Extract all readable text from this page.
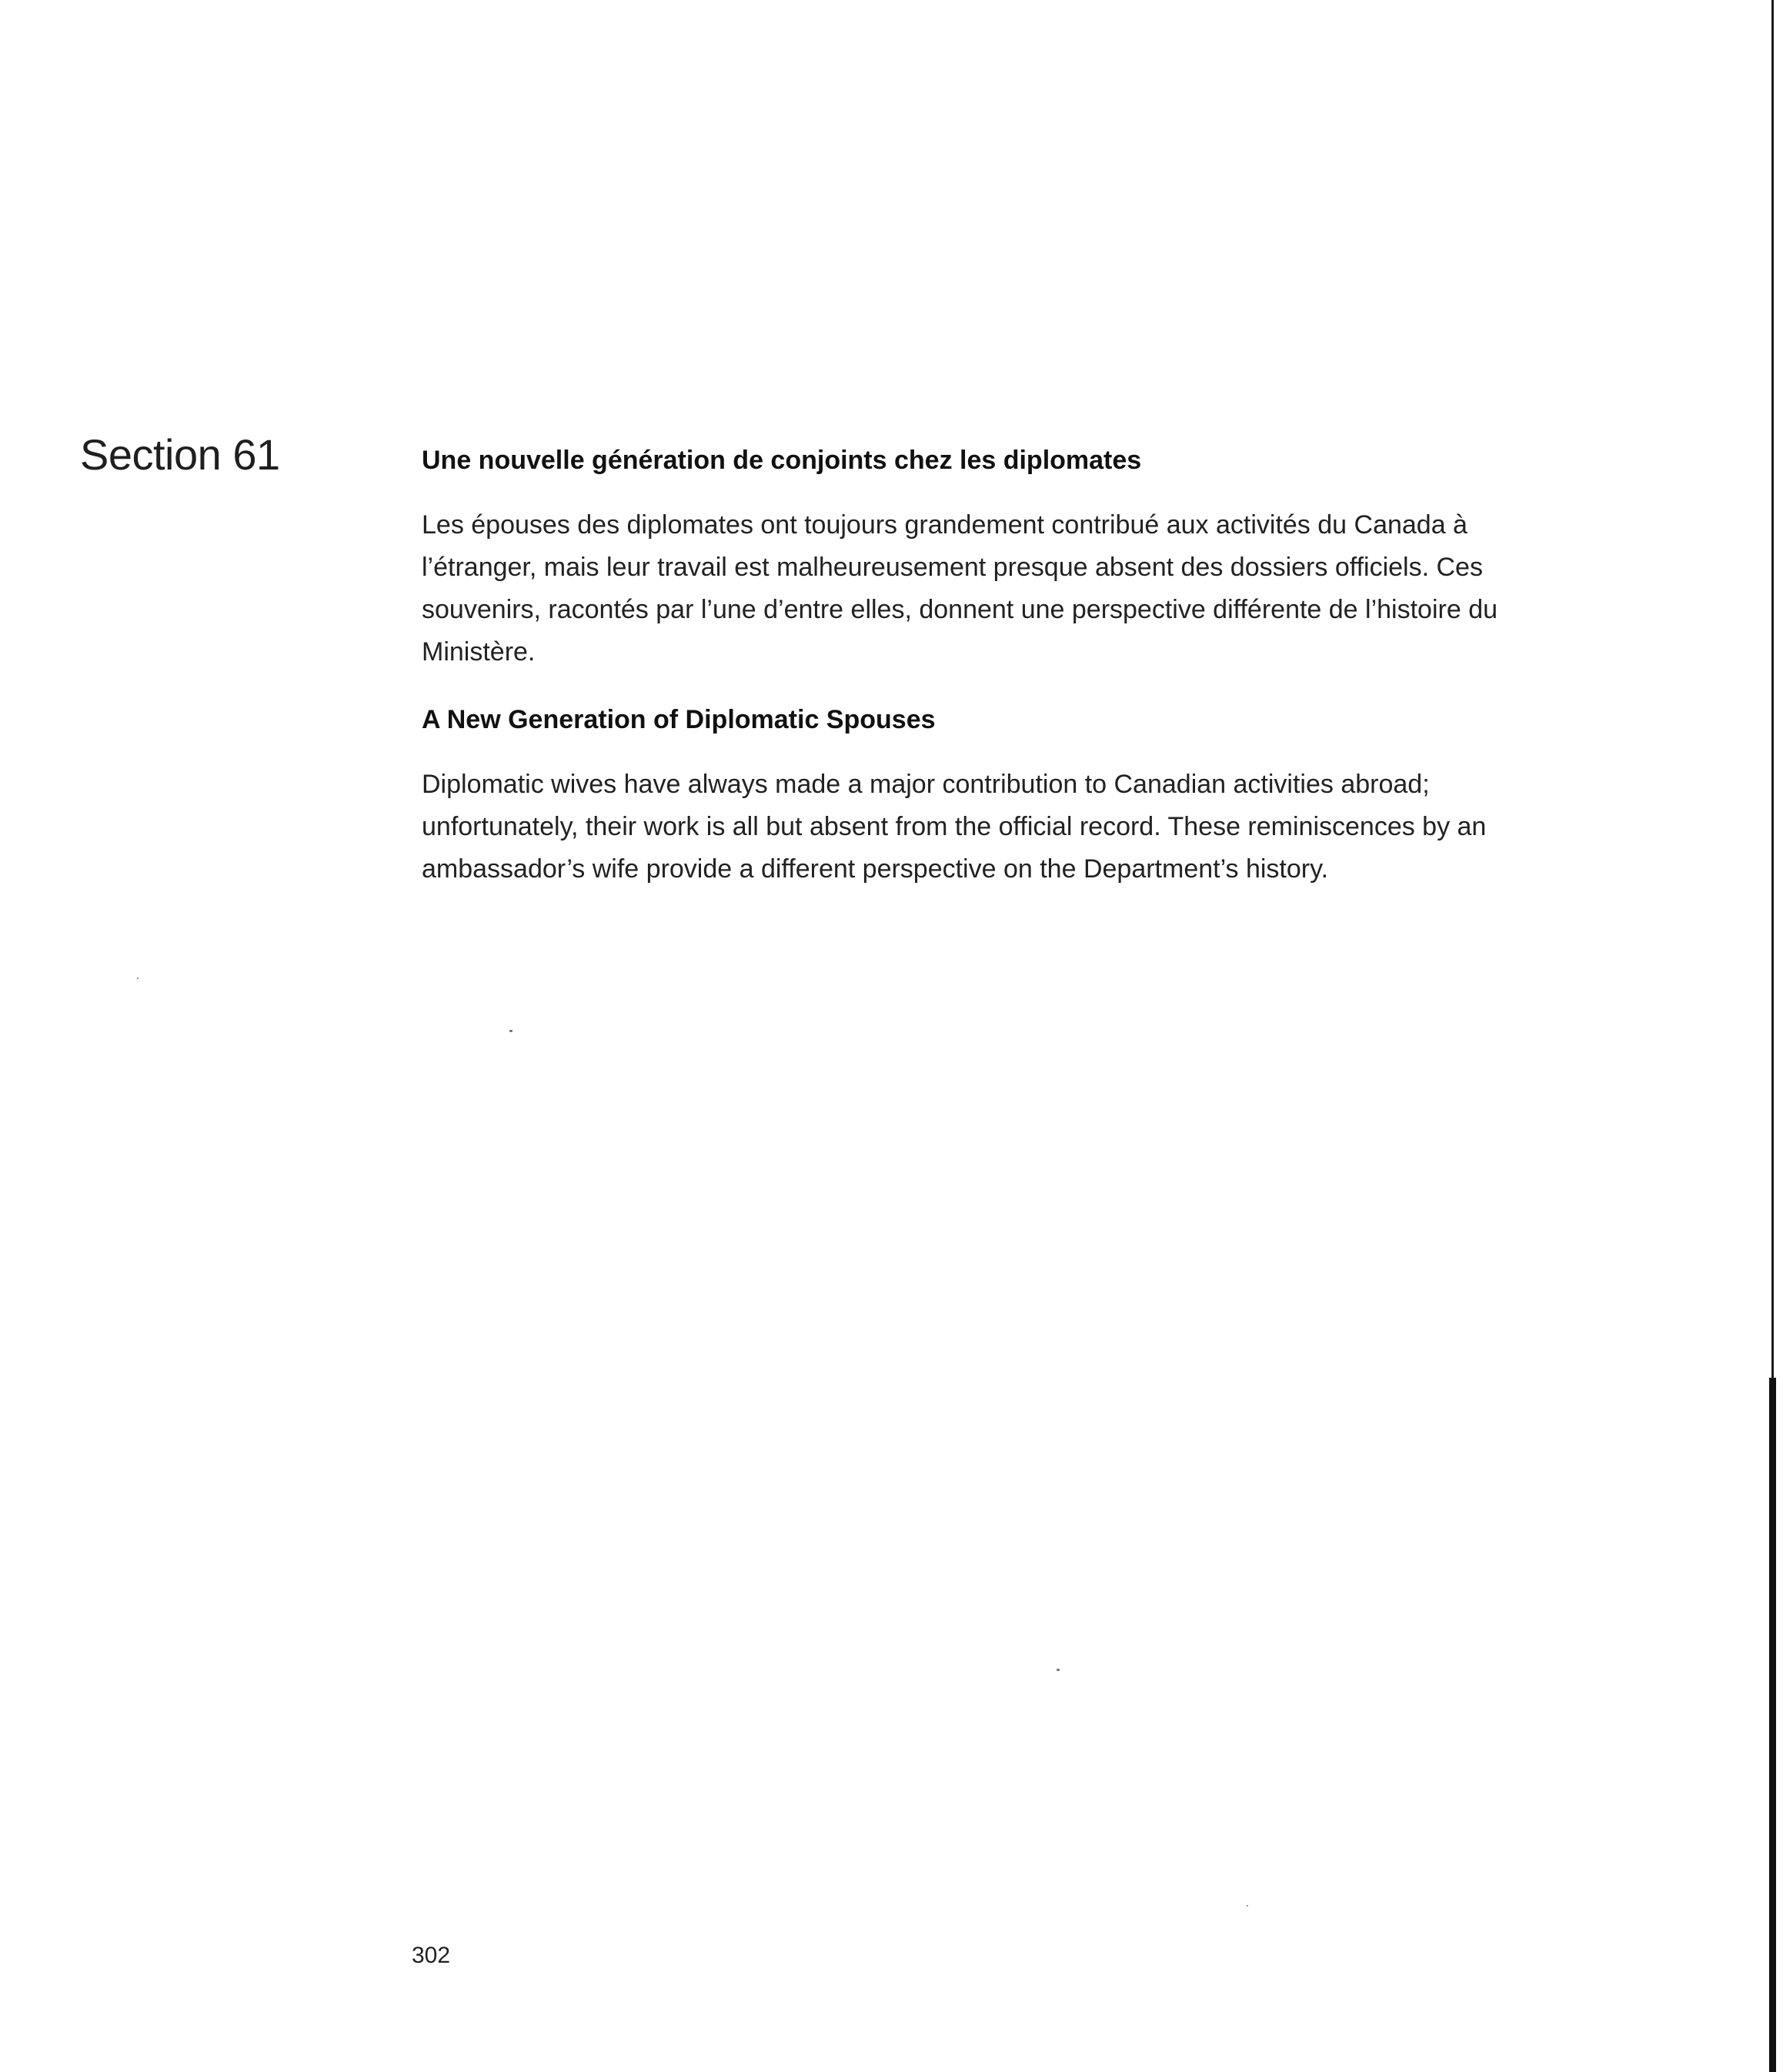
Section 61	Une nouvelle génération de conjoints chez les diplomates

Les épouses des diplomates ont toujours grandement contribué aux activités du Canada à l’étranger, mais leur travail est malheureusement presque absent des dossiers officiels. Ces souvenirs, racontés par l’une d’entre elles, donnent une perspective différente de l’histoire du Ministère.

A New Generation of Diplomatic Spouses

Diplomatic wives have always made a major contribution to Canadian activities abroad; unfortunately, their work is all but absent from the official record. These reminiscences by an ambassador’s wife provide a different perspective on the Department’s history.

302
